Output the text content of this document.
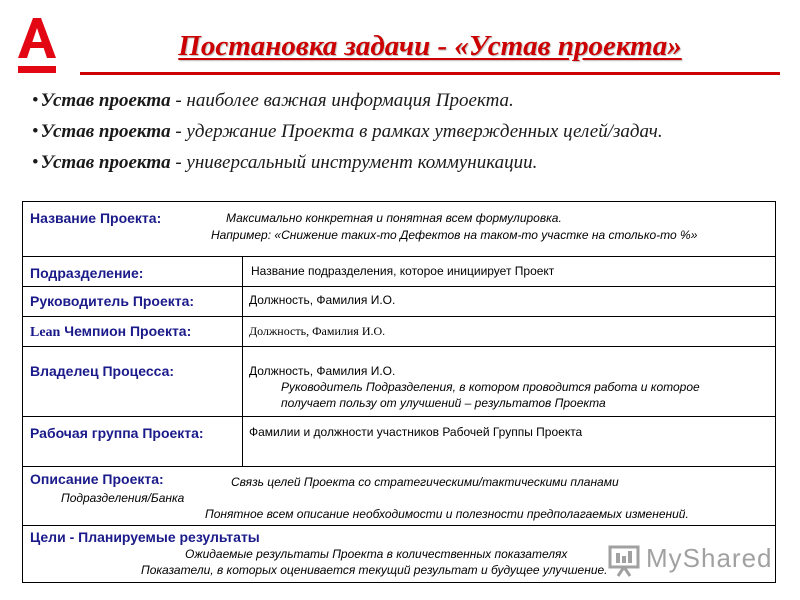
Постановка задачи - «Устав проекта»
• Устав проекта - наиболее важная информация Проекта.
• Устав проекта - удержание Проекта в рамках утвержденных целей/задач.
• Устав проекта - универсальный инструмент коммуникации.
Название Проекта:	Максимально конкретная и понятная всем формулировка.
Например: «Снижение таких-то Дефектов на таком-то участке на столько-то %»
Подразделение:	Название подразделения, которое инициирует Проект
Руководитель Проекта:	Должность, Фамилия И.О.
Lean Чемпион Проекта:	Должность, Фамилия И.О.
Владелец Процесса:	Должность, Фамилия И.О.
Руководитель Подразделения, в котором проводится работа и которое
получает пользу от улучшений – результатов Проекта
Рабочая группа Проекта:	Фамилии и должности участников Рабочей Группы Проекта
Описание Проекта:	Связь целей Проекта со стратегическими/тактическими планами
Подразделения/Банка
Понятное всем описание необходимости и полезности предполагаемых изменений.
Цели - Планируемые результаты
Ожидаемые результаты Проекта в количественных показателях
Показатели, в которых оценивается текущий результат и будущее улучшение. MyShared
